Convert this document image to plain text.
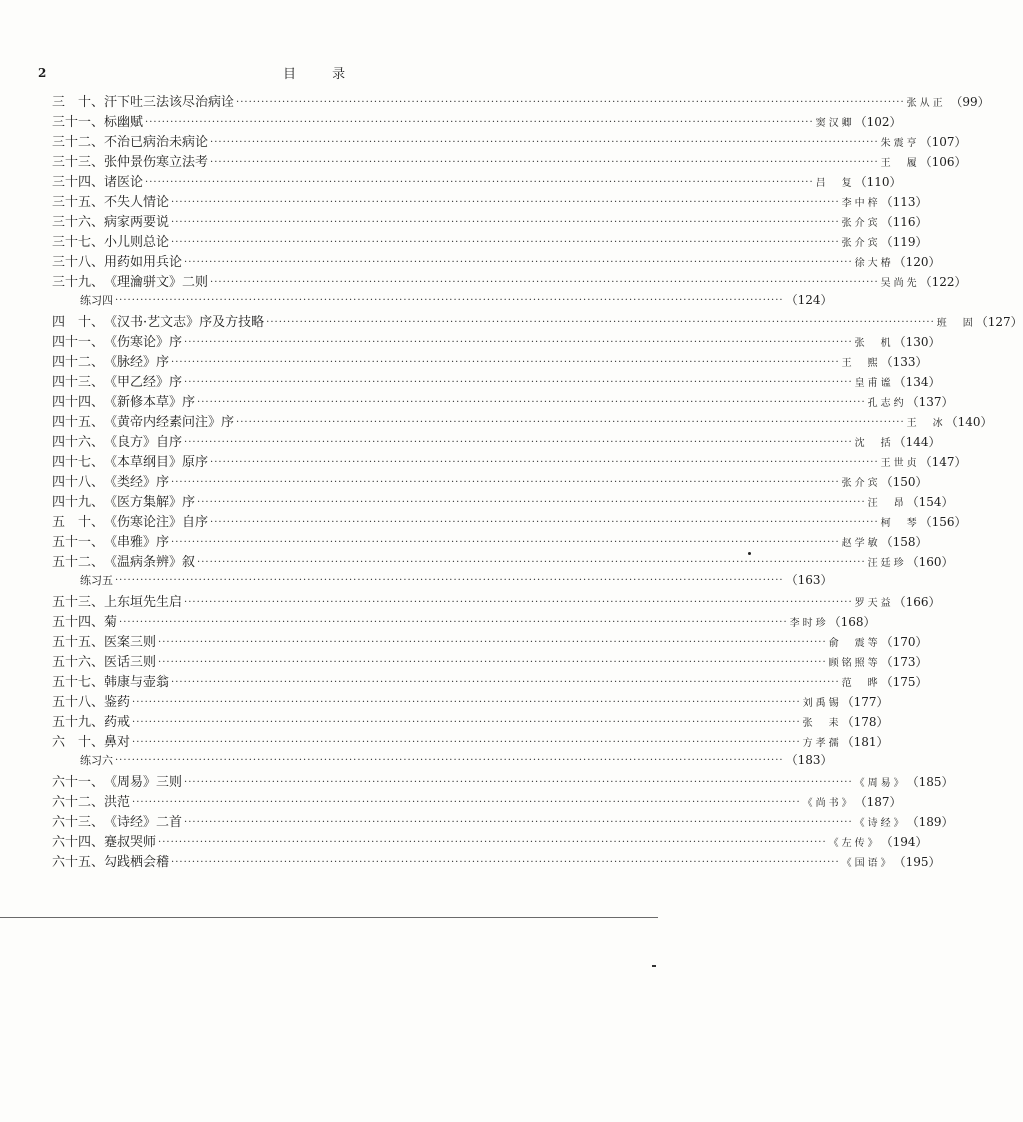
2	目 录
三　十、 汗下吐三法该尽治病诠 ································································································································································ 张从正 （99）
三十一、 标幽赋 ································································································································································ 窦汉卿 （102）
三十二、 不治已病治未病论 ································································································································································ 朱震亨 （107）
三十三、 张仲景伤寒立法考 ································································································································································ 王　履 （106）
三十四、 诸医论 ································································································································································ 吕　复 （110）
三十五、 不失人情论 ································································································································································ 李中梓 （113）
三十六、 病家两要说 ································································································································································ 张介宾 （116）
三十七、 小儿则总论 ································································································································································ 张介宾 （119）
三十八、 用药如用兵论 ································································································································································ 徐大椿 （120）
三十九、 《理瀹骈文》二则 ································································································································································ 吴尚先 （122）
练习四 ································································································································································ （124）
四　十、 《汉书·艺文志》序及方技略 ································································································································································ 班　固 （127）
四十一、 《伤寒论》序 ································································································································································ 张　机 （130）
四十二、 《脉经》序 ································································································································································ 王　熙 （133）
四十三、 《甲乙经》序 ································································································································································ 皇甫谧 （134）
四十四、 《新修本草》序 ································································································································································ 孔志约 （137）
四十五、 《黄帝内经素问注》序 ································································································································································ 王　冰 （140）
四十六、 《良方》自序 ································································································································································ 沈　括 （144）
四十七、 《本草纲目》原序 ································································································································································ 王世贞 （147）
四十八、 《类经》序 ································································································································································ 张介宾 （150）
四十九、 《医方集解》序 ································································································································································ 汪　昂 （154）
五　十、 《伤寒论注》自序 ································································································································································ 柯　琴 （156）
五十一、 《串雅》序 ································································································································································ 赵学敏 （158）
五十二、 《温病条辨》叙 ································································································································································ 汪廷珍 （160）
练习五 ································································································································································ （163）
五十三、 上东垣先生启 ································································································································································ 罗天益 （166）
五十四、 菊 ································································································································································ 李时珍 （168）
五十五、 医案三则 ································································································································································ 俞　震等 （170）
五十六、 医话三则 ································································································································································ 顾铭照等 （173）
五十七、 韩康与壶翁 ································································································································································ 范　晔 （175）
五十八、 鉴药 ································································································································································ 刘禹锡 （177）
五十九、 药戒 ································································································································································ 张　耒 （178）
六　十、 鼻对 ································································································································································ 方孝孺 （181）
练习六 ································································································································································ （183）
六十一、 《周易》三则 ································································································································································ 《周易》 （185）
六十二、 洪范 ································································································································································ 《尚书》 （187）
六十三、 《诗经》二首 ································································································································································ 《诗经》 （189）
六十四、 蹇叔哭师 ································································································································································ 《左传》 （194）
六十五、 勾践栖会稽 ································································································································································ 《国语》 （195）
